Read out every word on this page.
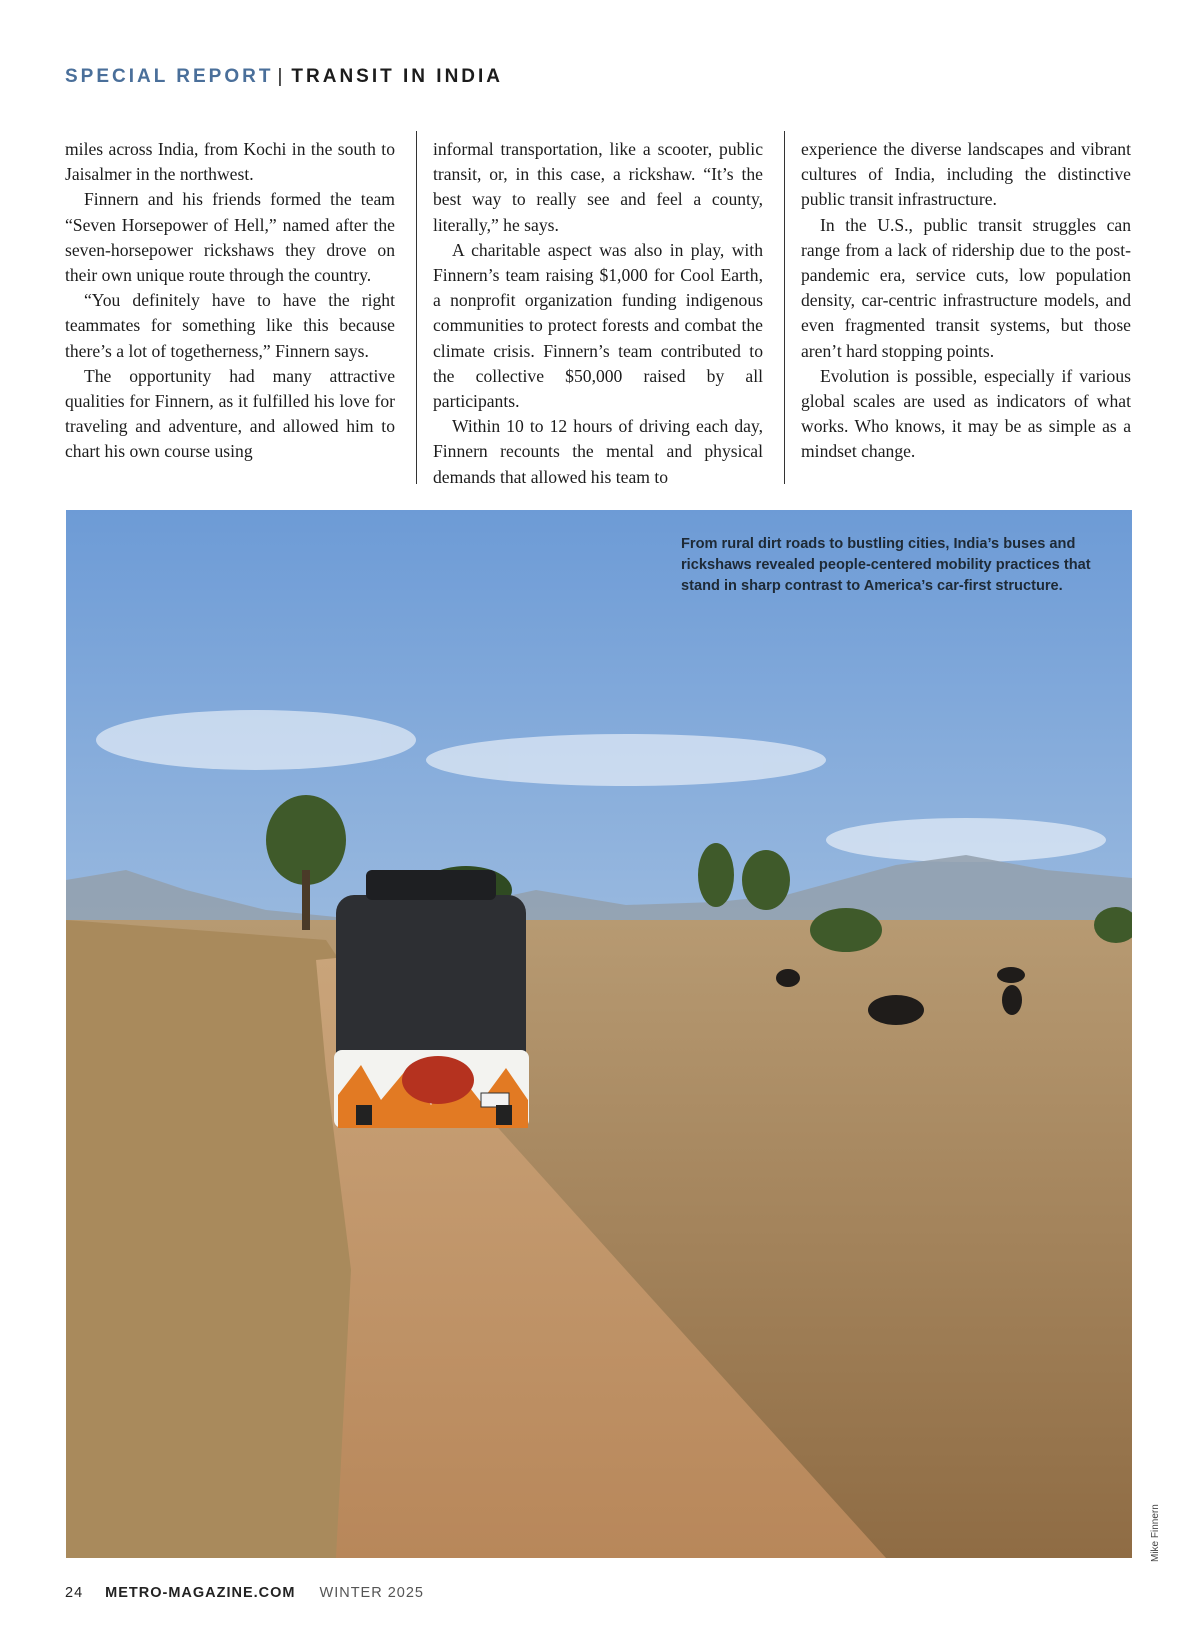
SPECIAL REPORT | TRANSIT IN INDIA

miles across India, from Kochi in the south to Jaisalmer in the northwest.

Finnern and his friends formed the team “Seven Horsepower of Hell,” named after the seven-horsepower rickshaws they drove on their own unique route through the country.

“You definitely have to have the right teammates for something like this because there’s a lot of togetherness,” Finnern says.

The opportunity had many attractive qualities for Finnern, as it fulfilled his love for traveling and adventure, and allowed him to chart his own course using

informal transportation, like a scooter, public transit, or, in this case, a rickshaw. “It’s the best way to really see and feel a county, literally,” he says.

A charitable aspect was also in play, with Finnern’s team raising $1,000 for Cool Earth, a nonprofit organization funding indigenous communities to protect forests and combat the climate crisis. Finnern’s team contributed to the collective $50,000 raised by all participants.

Within 10 to 12 hours of driving each day, Finnern recounts the mental and physical demands that allowed his team to

experience the diverse landscapes and vibrant cultures of India, including the distinctive public transit infrastructure.

In the U.S., public transit struggles can range from a lack of ridership due to the post-pandemic era, service cuts, low population density, car-centric infrastructure models, and even fragmented transit systems, but those aren’t hard stopping points.

Evolution is possible, especially if various global scales are used as indicators of what works. Who knows, it may be as simple as a mindset change.

From rural dirt roads to bustling cities, India’s buses and rickshaws revealed people-centered mobility practices that stand in sharp contrast to America’s car-first structure.
Mike Finnern
24 METRO-MAGAZINE.COM WINTER 2025
